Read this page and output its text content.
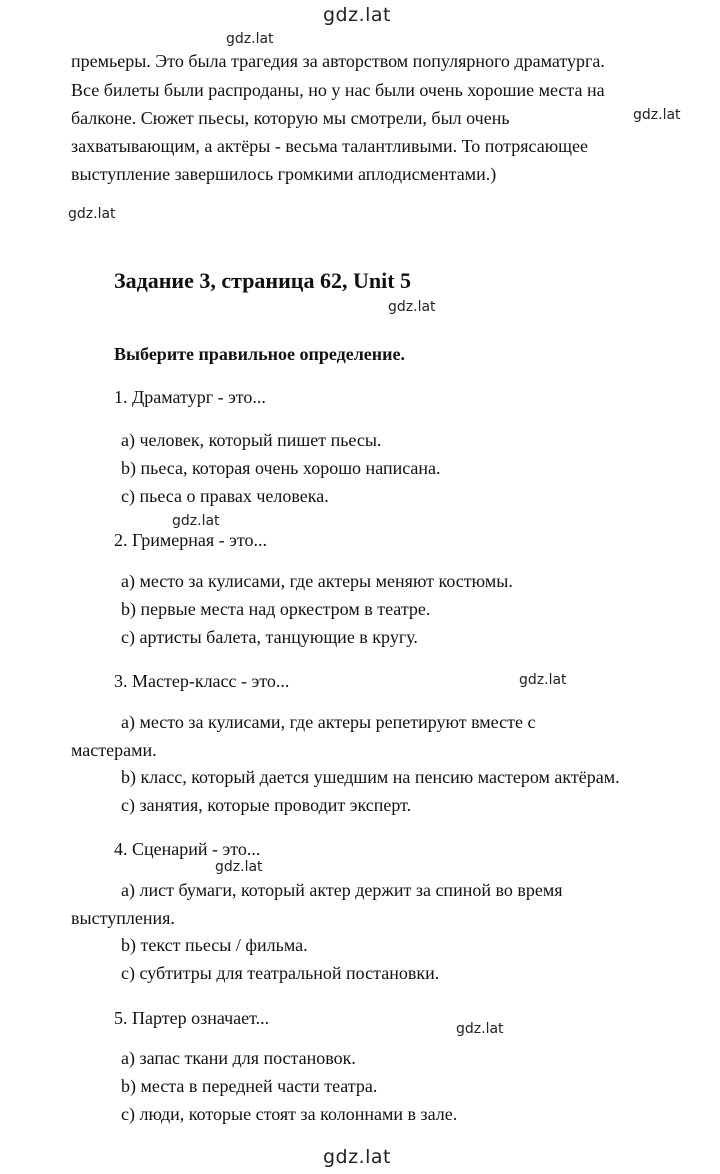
gdz.lat
gdz.lat
gdz.lat
gdz.lat
gdz.lat
gdz.lat
gdz.lat
gdz.lat
gdz.lat
gdz.lat
премьеры. Это была трагедия за авторством популярного драматурга.
Все билеты были распроданы, но у нас были очень хорошие места на
балконе. Сюжет пьесы, которую мы смотрели, был очень
захватывающим, а актёры - весьма талантливыми. То потрясающее
выступление завершилось громкими аплодисментами.)
Задание 3, страница 62, Unit 5
Выберите правильное определение.
1. Драматург - это...
a) человек, который пишет пьесы.
b) пьеса, которая очень хорошо написана.
c) пьеса о правах человека.
2. Гримерная - это...
a) место за кулисами, где актеры меняют костюмы.
b) первые места над оркестром в театре.
c) артисты балета, танцующие в кругу.
3. Мастер-класс - это...
a) место за кулисами, где актеры репетируют вместе с
мастерами.
b) класс, который дается ушедшим на пенсию мастером актёрам.
c) занятия, которые проводит эксперт.
4. Сценарий - это...
a) лист бумаги, который актер держит за спиной во время
выступления.
b) текст пьесы / фильма.
c) субтитры для театральной постановки.
5. Партер означает...
a) запас ткани для постановок.
b) места в передней части театра.
c) люди, которые стоят за колоннами в зале.
